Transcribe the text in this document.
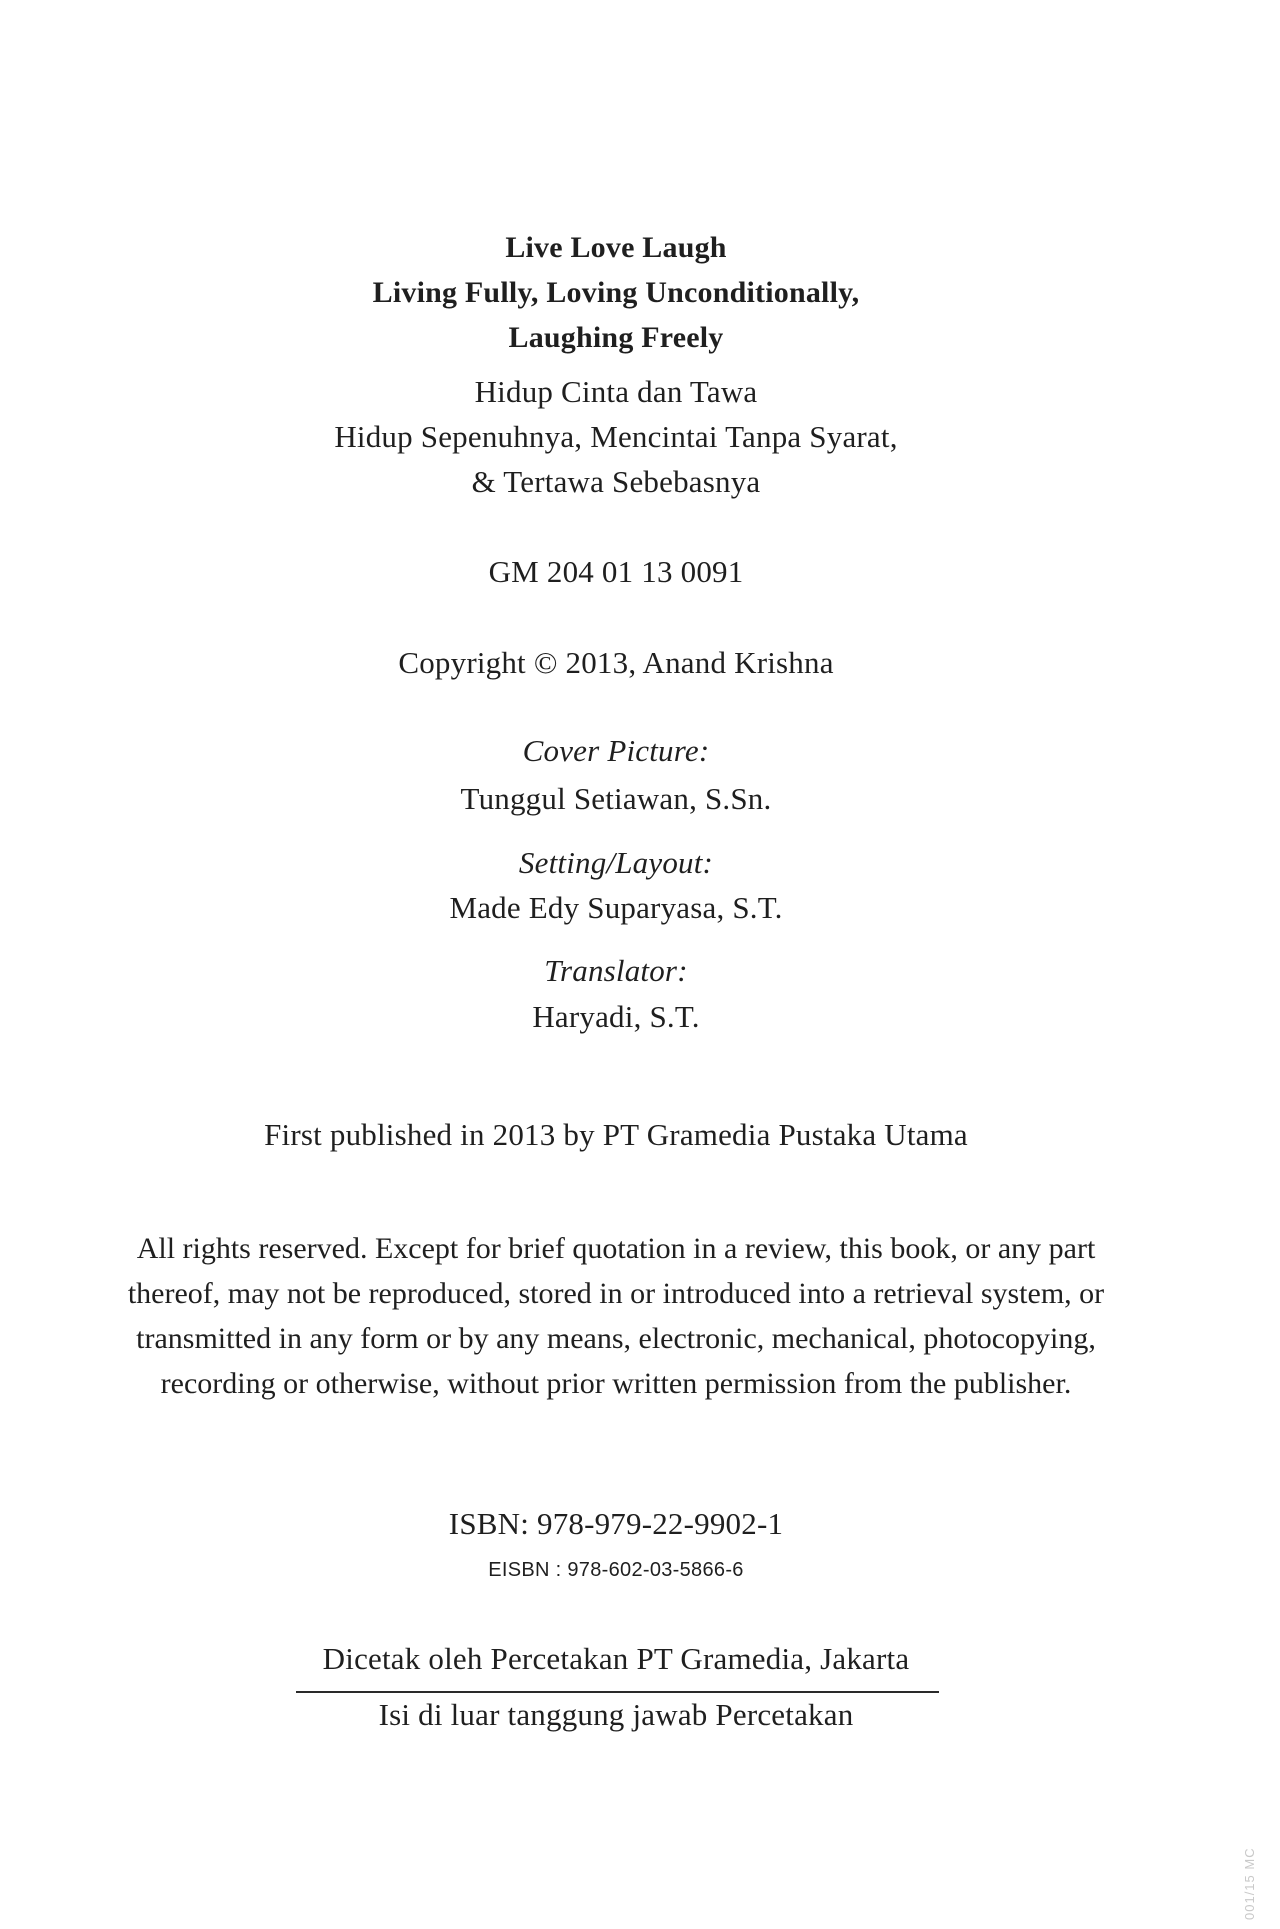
Live Love Laugh
Living Fully, Loving Unconditionally,
Laughing Freely
Hidup Cinta dan Tawa
Hidup Sepenuhnya, Mencintai Tanpa Syarat,
& Tertawa Sebebasnya
GM 204 01 13 0091
Copyright © 2013, Anand Krishna
Cover Picture:
Tunggul Setiawan, S.Sn.
Setting/Layout:
Made Edy Suparyasa, S.T.
Translator:
Haryadi, S.T.
First published in 2013 by PT Gramedia Pustaka Utama
All rights reserved. Except for brief quotation in a review, this book, or any part thereof, may not be reproduced, stored in or introduced into a retrieval system, or transmitted in any form or by any means, electronic, mechanical, photocopying, recording or otherwise, without prior written permission from the publisher.
ISBN: 978-979-22-9902-1
EISBN : 978-602-03-5866-6
Dicetak oleh Percetakan PT Gramedia, Jakarta
Isi di luar tanggung jawab Percetakan
001/15 MC
